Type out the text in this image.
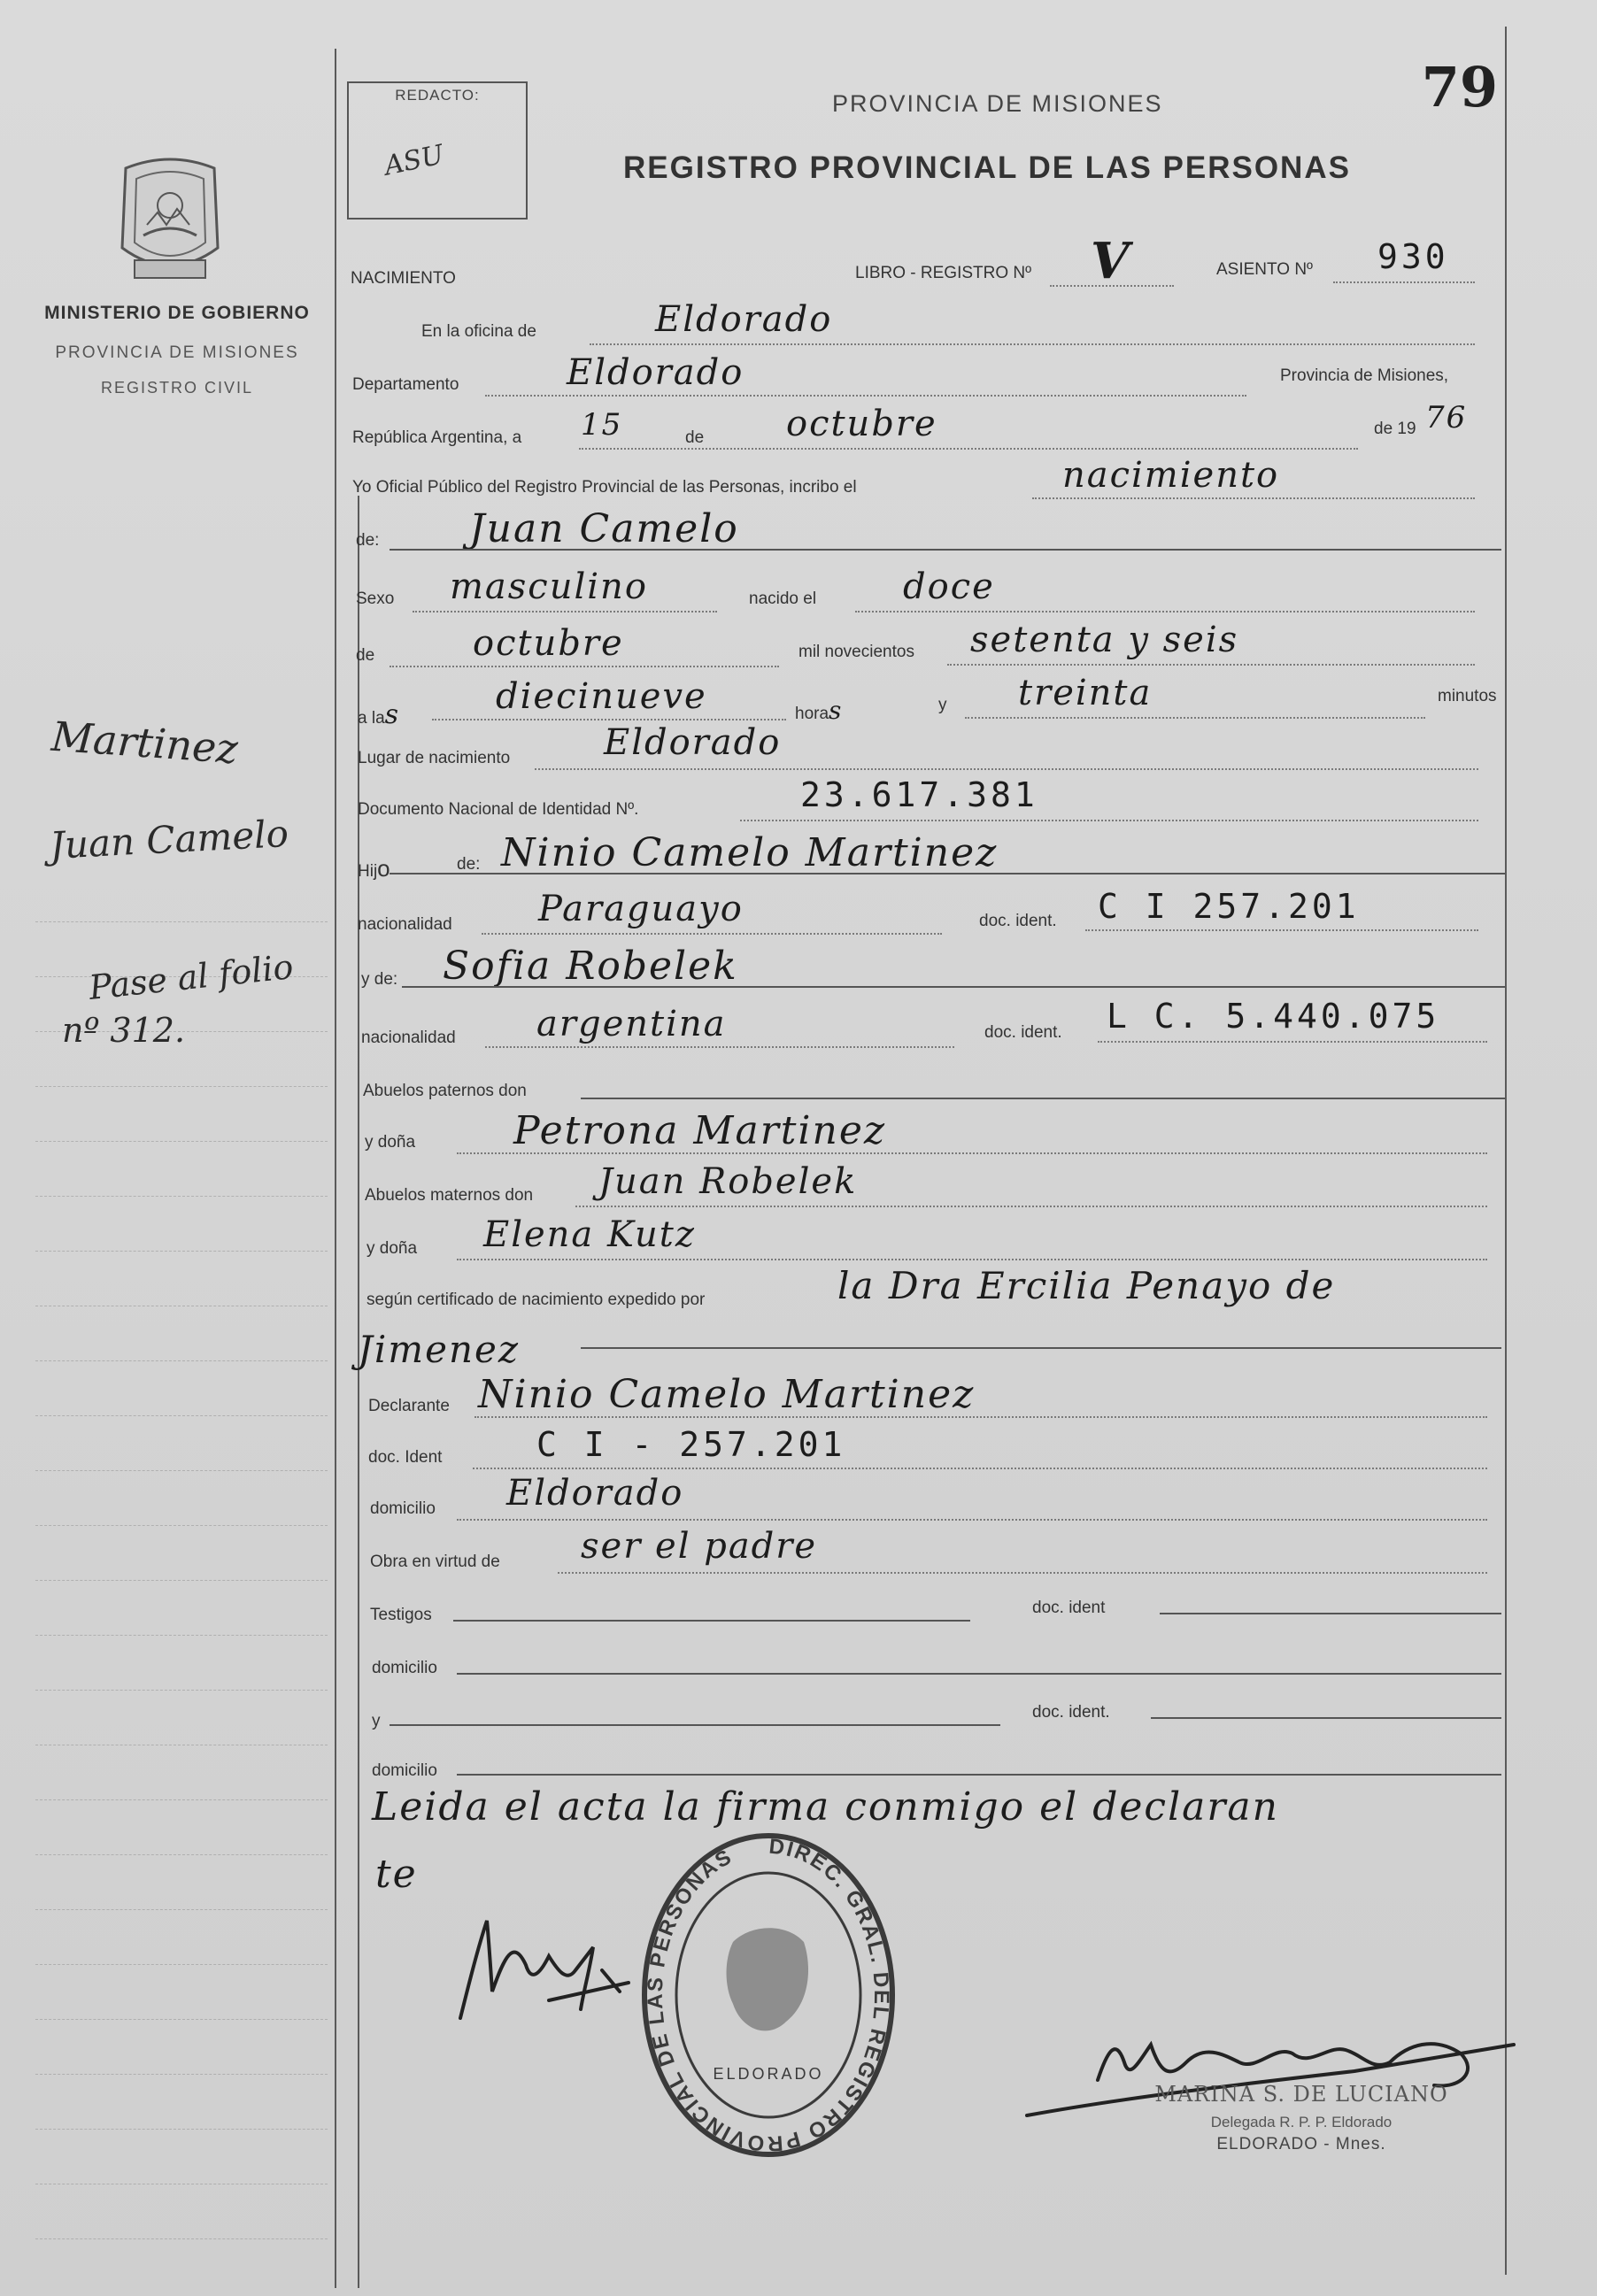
REDACTO:
ASU
79
PROVINCIA DE MISIONES
REGISTRO PROVINCIAL DE LAS PERSONAS
MINISTERIO DE GOBIERNO
PROVINCIA DE MISIONES
REGISTRO CIVIL
Martinez
Juan Camelo
Pase al folio
nº 312.
NACIMIENTO	LIBRO - REGISTRO Nº V	ASIENTO Nº 930
En la oficina de	Eldorado
Departamento	Eldorado	Provincia de Misiones,
República Argentina, a 15	de octubre	de 19 76
Yo Oficial Público del Registro Provincial de las Personas, incribo el	nacimiento
de: Juan Camelo
Sexo masculino	nacido el doce
de	octubre	mil novecientos setenta y seis
a las	diecinueve	horas	y treinta	minutos
Lugar de nacimiento	Eldorado
Documento Nacional de Identidad Nº.	23.617.381
Hijo	de: Ninio Camelo Martinez
nacionalidad Paraguayo	doc. ident. C I 257.201
y de: Sofia Robelek
nacionalidad argentina	doc. ident. L C. 5.440.075
Abuelos paternos don
y doña	Petrona Martinez
Abuelos maternos don Juan Robelek
y doña Elena Kutz
según certificado de nacimiento expedido por	la Dra Ercilia Penayo de
Jimenez
Declarante Ninio Camelo Martinez
doc. Ident	C I - 257.201
domicilio Eldorado
Obra en virtud de ser el padre
Testigos	doc. ident
domicilio
y	doc. ident.
domicilio
Leida el acta la firma conmigo el declaran
te
DIREC. GRAL. DEL REGISTRO PROVINCIAL DE LAS PERSONAS
ELDORADO
MARINA S. DE LUCIANO
Delegada R. P. P. Eldorado
ELDORADO - Mnes.
